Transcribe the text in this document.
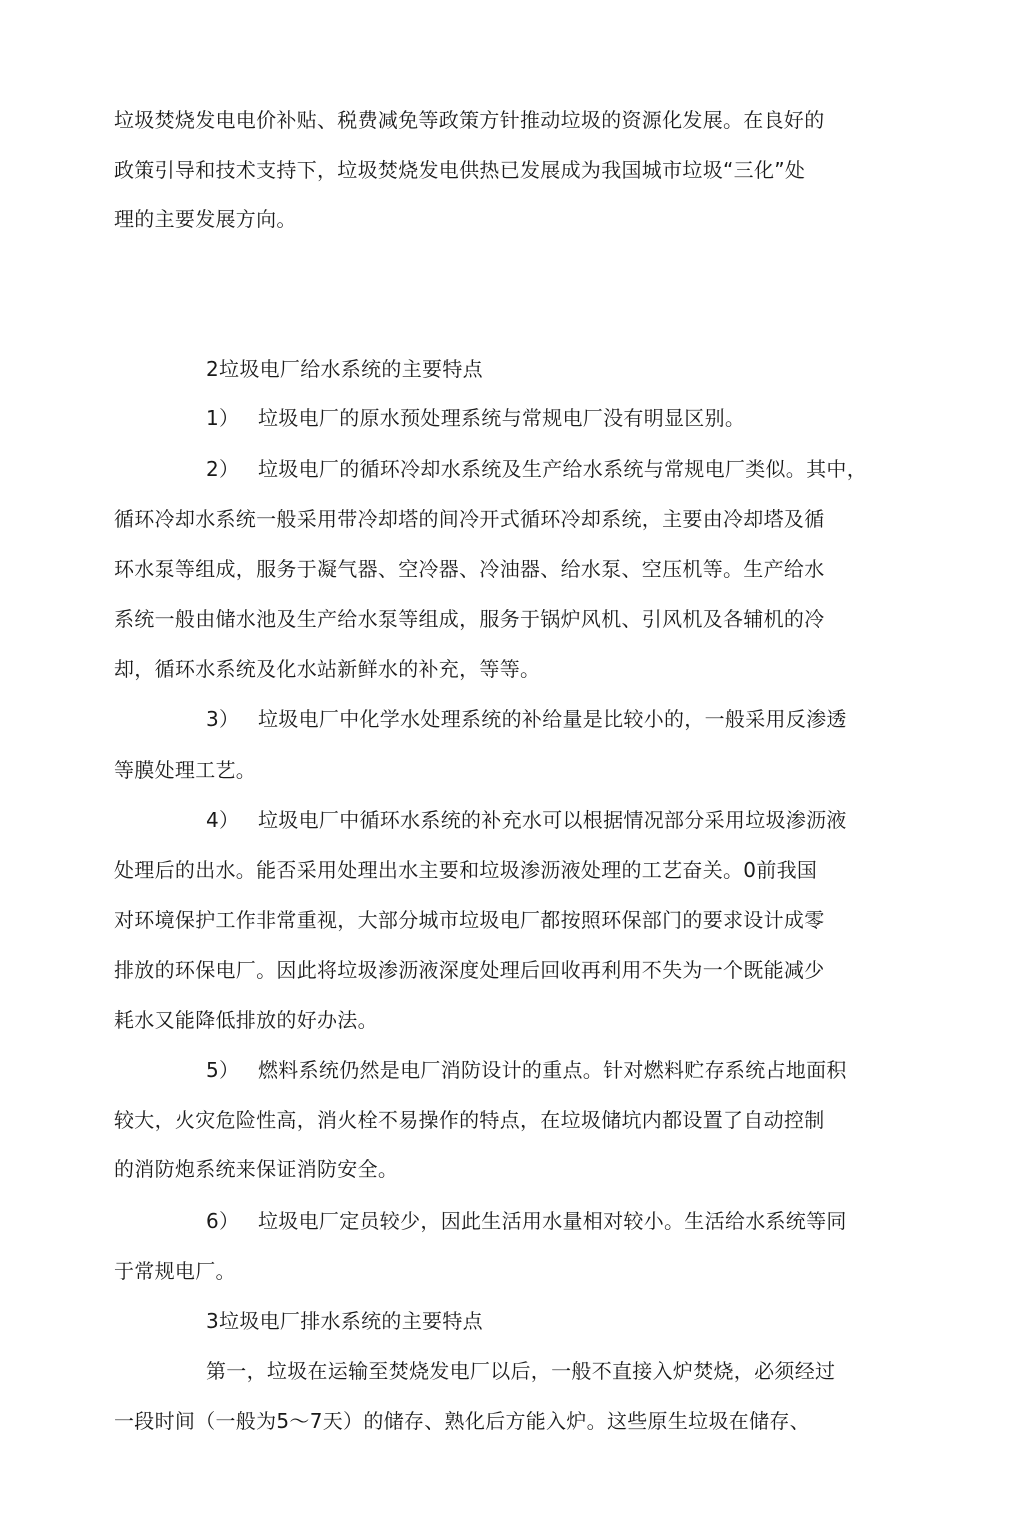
垃圾焚烧发电电价补贴、税费减免等政策方针推动垃圾的资源化发展。在良好的
政策引导和技术支持下，垃圾焚烧发电供热已发展成为我国城市垃圾“三化”处
理的主要发展方向。
2垃圾电厂给水系统的主要特点
1） 垃圾电厂的原水预处理系统与常规电厂没有明显区别。
2） 垃圾电厂的循环冷却水系统及生产给水系统与常规电厂类似。其中，
循环冷却水系统一般采用带冷却塔的间冷开式循环冷却系统，主要由冷却塔及循
环水泵等组成，服务于凝气器、空冷器、冷油器、给水泵、空压机等。生产给水
系统一般由储水池及生产给水泵等组成，服务于锅炉风机、引风机及各辅机的冷
却，循环水系统及化水站新鲜水的补充，等等。
3） 垃圾电厂中化学水处理系统的补给量是比较小的，一般采用反渗透
等膜处理工艺。
4） 垃圾电厂中循环水系统的补充水可以根据情况部分采用垃圾渗沥液
处理后的出水。能否采用处理出水主要和垃圾渗沥液处理的工艺奋关。0前我国
对环境保护工作非常重视，大部分城市垃圾电厂都按照环保部门的要求设计成零
排放的环保电厂。因此将垃圾渗沥液深度处理后回收再利用不失为一个既能减少
耗水又能降低排放的好办法。
5） 燃料系统仍然是电厂消防设计的重点。针对燃料贮存系统占地面积
较大，火灾危险性高，消火栓不易操作的特点，在垃圾储坑内都设置了自动控制
的消防炮系统来保证消防安全。
6） 垃圾电厂定员较少，因此生活用水量相对较小。生活给水系统等同
于常规电厂。
3垃圾电厂排水系统的主要特点
第一，垃圾在运输至焚烧发电厂以后，一般不直接入炉焚烧，必须经过
一段时间（一般为5～7天）的储存、熟化后方能入炉。这些原生垃圾在储存、
